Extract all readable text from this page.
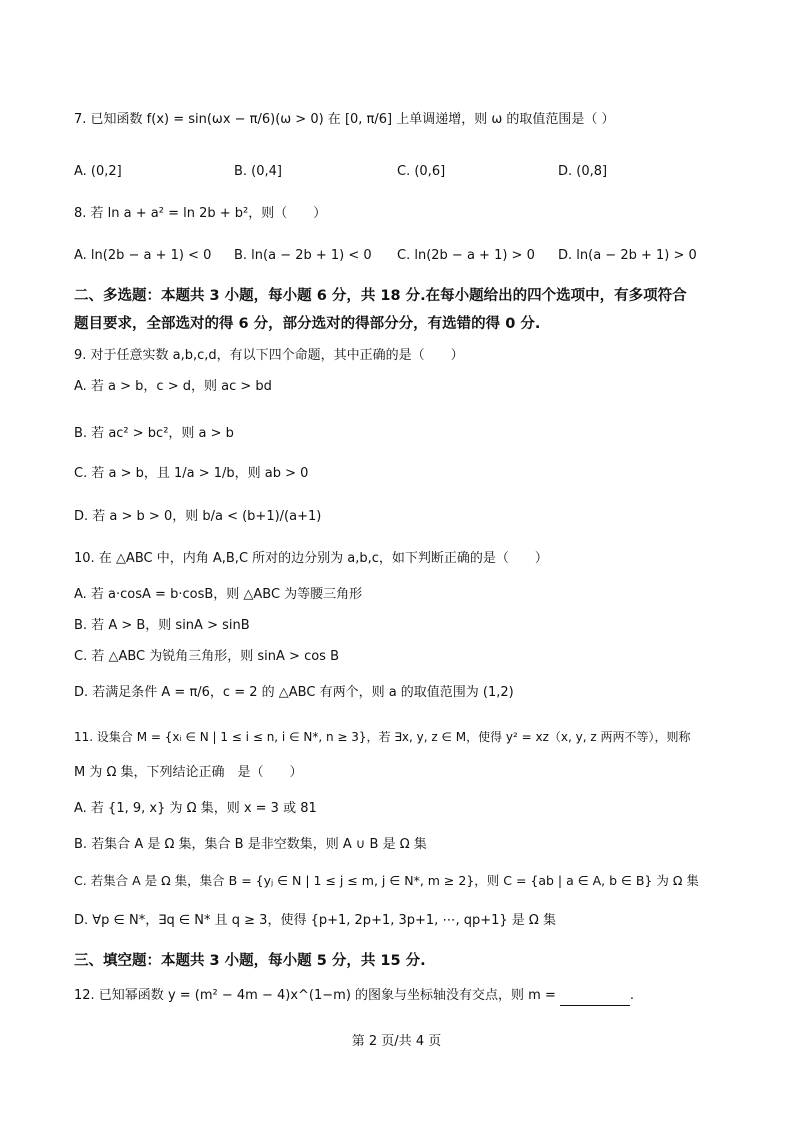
7. 已知函数 f(x) = sin(ωx − π/6)(ω > 0) 在 [0, π/6] 上单调递增，则 ω 的取值范围是（ ）
A. (0,2]	B. (0,4]	C. (0,6]	D. (0,8]
8. 若 ln a + a² = ln 2b + b²，则（　　）
A. ln(2b − a + 1) < 0 B. ln(a − 2b + 1) < 0 C. ln(2b − a + 1) > 0 D. ln(a − 2b + 1) > 0
二、多选题：本题共 3 小题，每小题 6 分，共 18 分.在每小题给出的四个选项中，有多项符合
题目要求，全部选对的得 6 分，部分选对的得部分分，有选错的得 0 分.
9. 对于任意实数 a,b,c,d，有以下四个命题，其中正确的是（　　）
A. 若 a > b，c > d，则 ac > bd
B. 若 ac² > bc²，则 a > b
C. 若 a > b，且 1/a > 1/b，则 ab > 0
D. 若 a > b > 0，则 b/a < (b+1)/(a+1)
10. 在 △ABC 中，内角 A,B,C 所对的边分别为 a,b,c，如下判断正确的是（　　）
A. 若 a·cosA = b·cosB，则 △ABC 为等腰三角形
B. 若 A > B，则 sinA > sinB
C. 若 △ABC 为锐角三角形，则 sinA > cos B
D. 若满足条件 A = π/6，c = 2 的 △ABC 有两个，则 a 的取值范围为 (1,2)
11. 设集合 M = {xᵢ ∈ N | 1 ≤ i ≤ n, i ∈ N*, n ≥ 3}，若 ∃x, y, z ∈ M，使得 y² = xz（x, y, z 两两不等），则称
M 为 Ω 集，下列结论正确　是（　　）
A. 若 {1, 9, x} 为 Ω 集，则 x = 3 或 81
B. 若集合 A 是 Ω 集，集合 B 是非空数集，则 A ∪ B 是 Ω 集
C. 若集合 A 是 Ω 集，集合 B = {yⱼ ∈ N | 1 ≤ j ≤ m, j ∈ N*, m ≥ 2}，则 C = {ab | a ∈ A, b ∈ B} 为 Ω 集
D. ∀p ∈ N*，∃q ∈ N* 且 q ≥ 3，使得 {p+1, 2p+1, 3p+1, ⋯, qp+1} 是 Ω 集
三、填空题：本题共 3 小题，每小题 5 分，共 15 分.
12. 已知幂函数 y = (m² − 4m − 4)x^(1−m) 的图象与坐标轴没有交点，则 m =	.
第 2 页/共 4 页
